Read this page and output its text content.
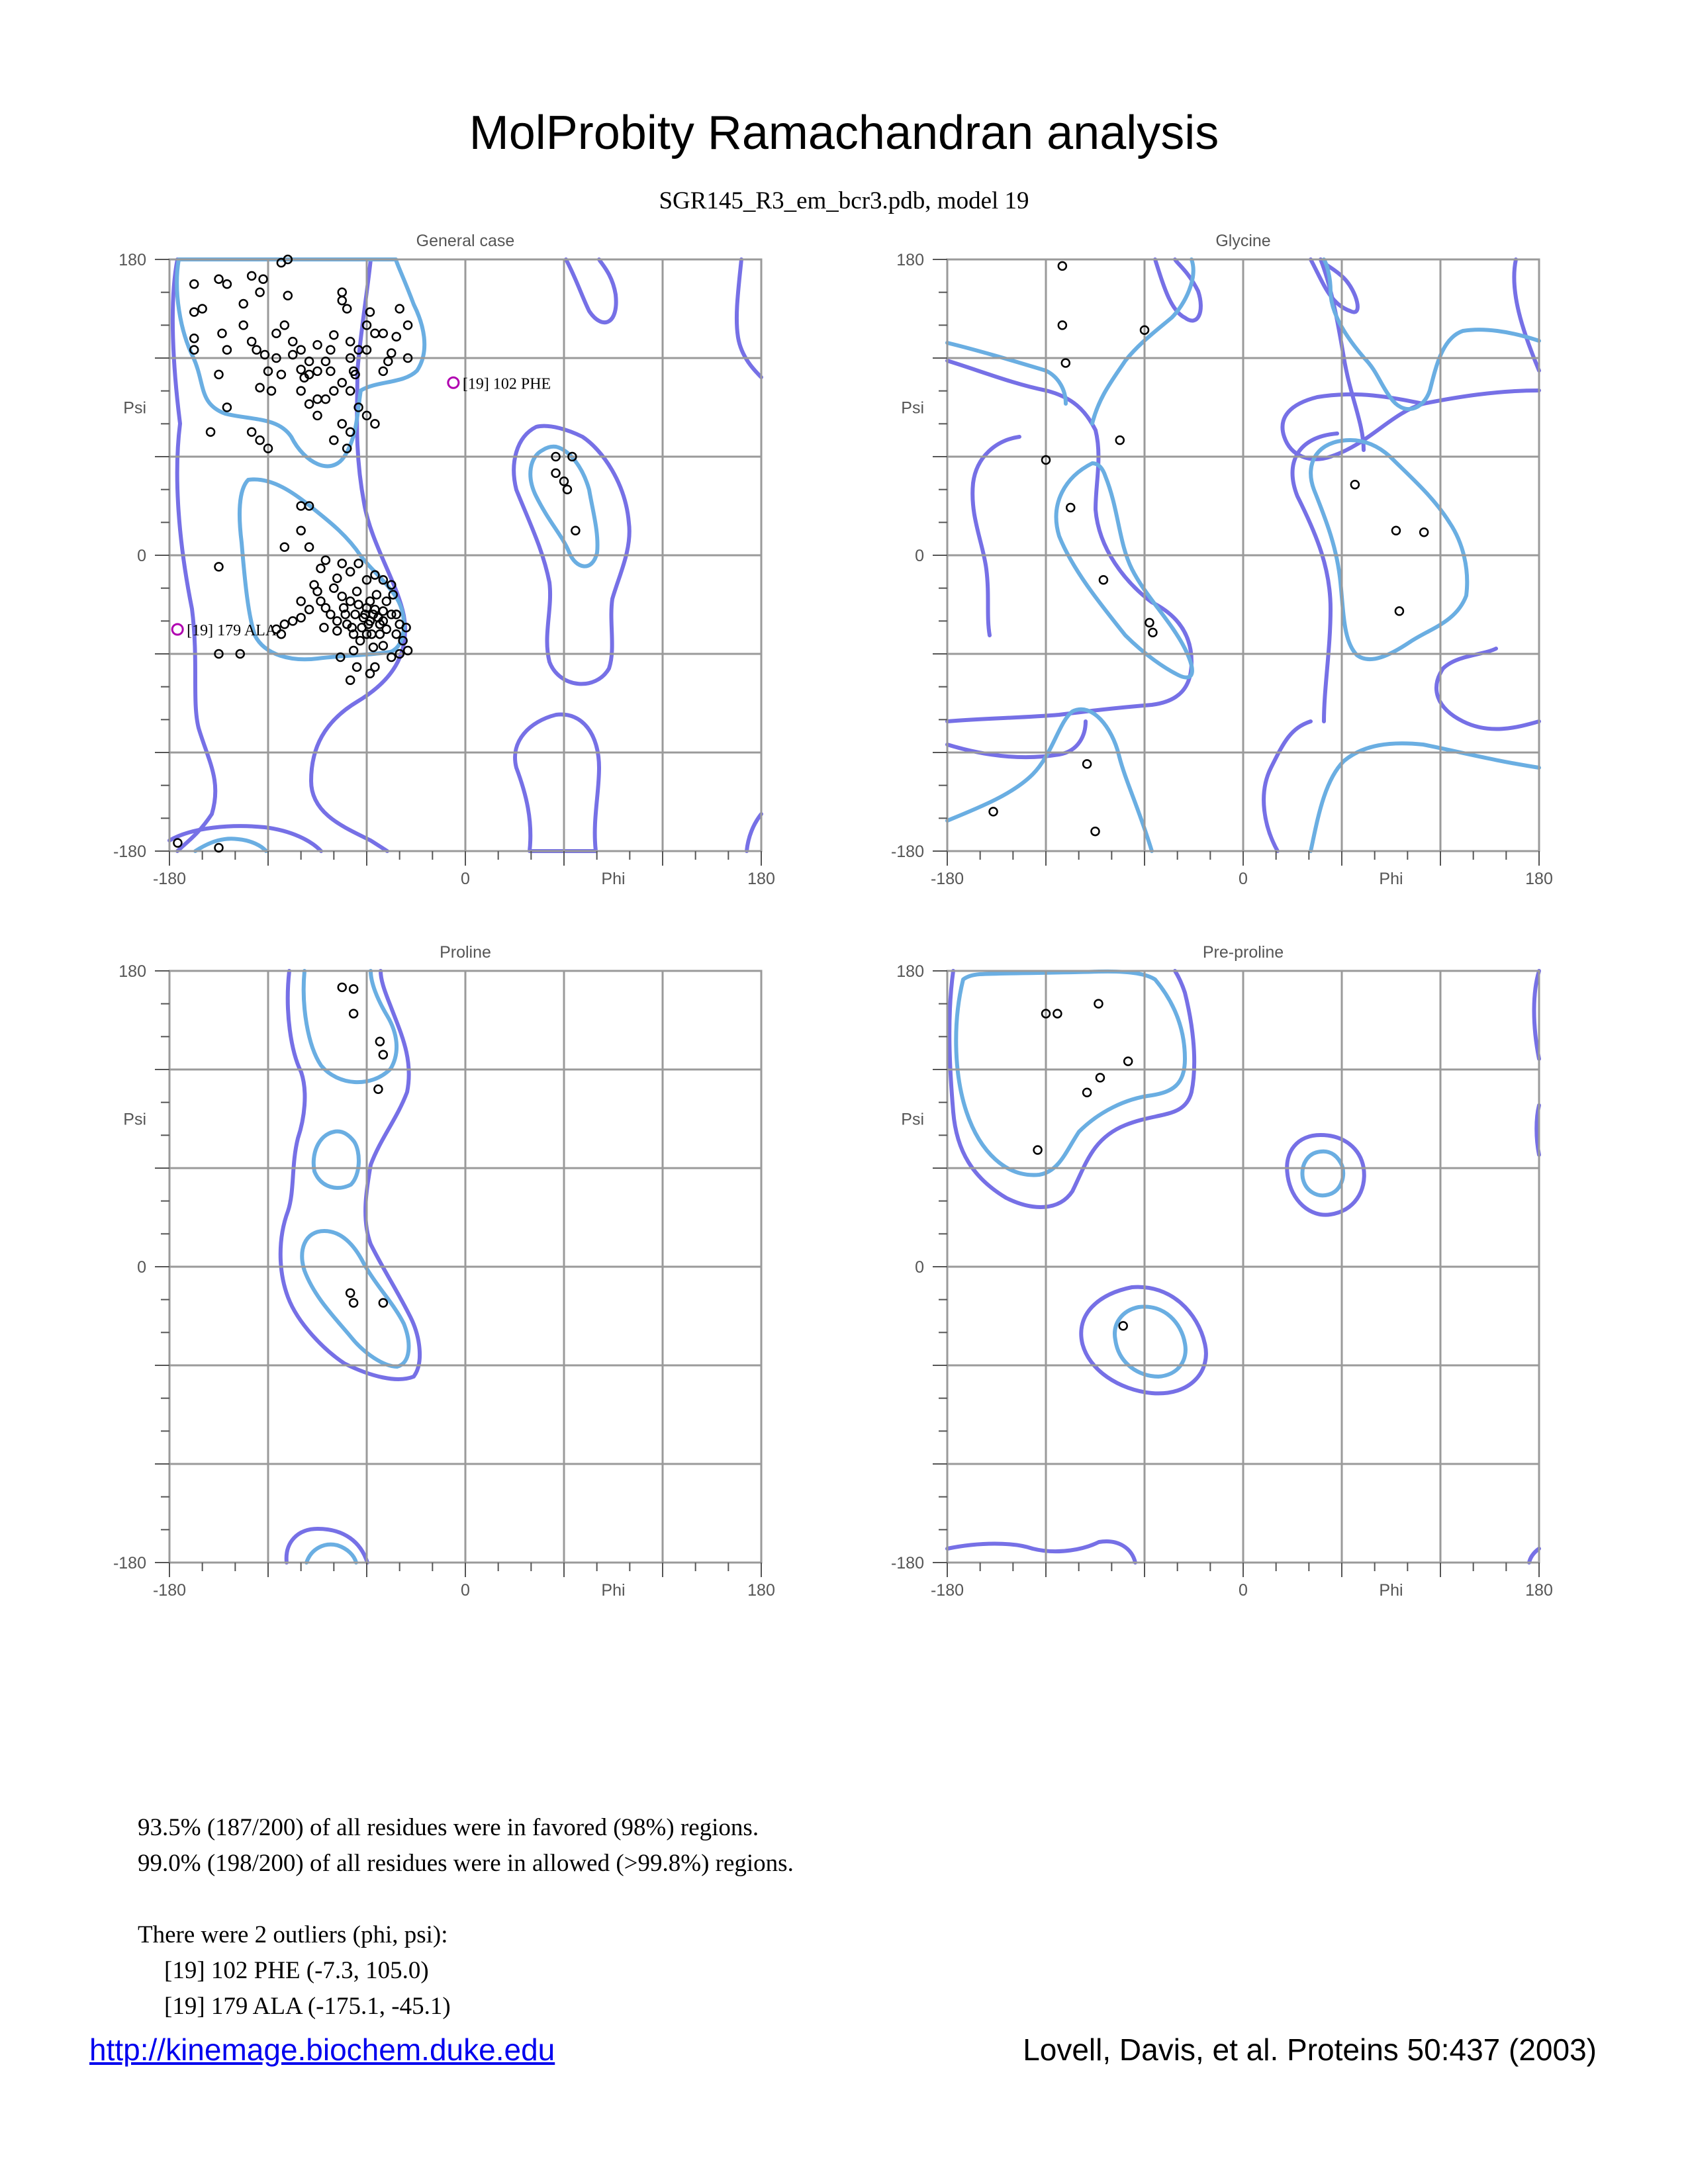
MolProbity Ramachandran analysis
SGR145_R3_em_bcr3.pdb, model 19
General case
-180	0	Phi	180
180
Psi
0
-180
Glycine
-180	0	Phi	180
180
Psi
0
-180
Proline
-180	0	Phi	180
180
Psi
0
-180
Pre-proline
-180	0	Phi	180
180
Psi
0
-180
[19] 102 PHE
[19] 179 ALA
93.5% (187/200) of all residues were in favored (98%) regions.
99.0% (198/200) of all residues were in allowed (>99.8%) regions.
There were 2 outliers (phi, psi):
[19] 102 PHE (-7.3, 105.0)
[19] 179 ALA (-175.1, -45.1)
http://kinemage.biochem.duke.edu	Lovell, Davis, et al. Proteins 50:437 (2003)
